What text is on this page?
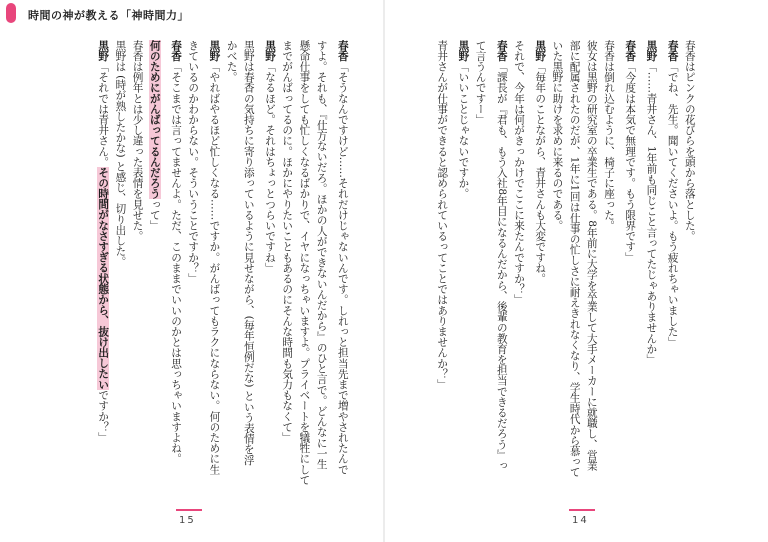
時間の神が教える「神時間力」
春香はピンクの花びらを頭から落とした。
春香「でね、先生。聞いてくださいよ。もう疲れちゃいました」
黒野「……青井さん、1年前も同じこと言ってたじゃありませんか」
春香「今度は本気で無理です。もう限界です」
春香は倒れ込むように、椅子に座った。
彼女は黒野の研究室の卒業生である。8年前に大学を卒業して大手メーカーに就職し、営業
部に配属されたのだが、1年に1回は仕事の忙しさに耐えきれなくなり、学生時代から慕って
いた黒野に助けを求めに来るのである。
黒野「毎年のことながら、青井さんも大変ですね。
それで、今年は何がきっかけでここに来たんですか？」
春香「課長が『君も、もう入社8年目になるんだから、後輩の教育を担当できるだろう』っ
て言うんですー」
黒野「いいことじゃないですか。
青井さんが仕事ができると認められているってことではありませんか？」
春香「そうなんですけど……それだけじゃないんです。しれっと担当先まで増やされたんで
すよ。それも、『仕方ないだろ。ほかの人ができないんだから』のひと言で。どんなに一生
懸命仕事をしても忙しくなるばかりで、イヤになっちゃいますよ。プライベートを犠牲にして
までがんばってるのに。ほかにやりたいこともあるのにそんな時間も気力もなくて」
黒野「なるほど。それはちょっとつらいですね」
黒野は春香の気持ちに寄り添っているように見せながら、(毎年恒例だな) という表情を浮
かべた。
黒野「やればやるほど忙しくなる……ですか。がんばってもラクにならない。何のために生
きているのかわからない。そういうことですか？」
春香「そこまでは言ってませんよ。ただ、このままでいいのかとは思っちゃいますよね。
何のためにがんばってるんだろうって」
春香は例年とは少し違った表情を見せた。
黒野は (時が熟したかな) と感じ、切り出した。
黒野「それでは青井さん。その時間がなさすぎる状態から、抜け出したいですか？」
14
15
